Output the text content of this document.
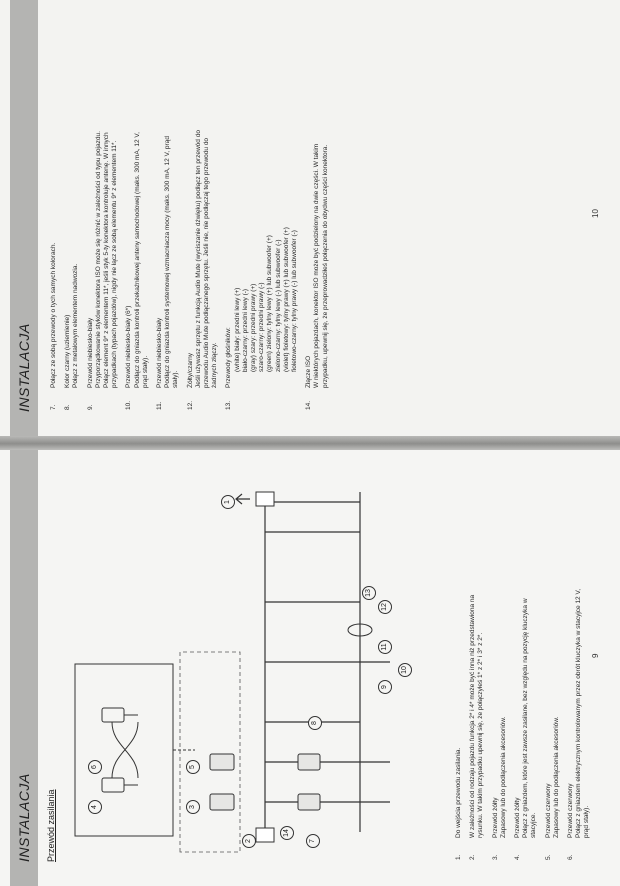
INSTALACJA Przewód zasilania
1
2
3
4
5
6
7
8
9
10
11
12
13
14
1.
Do wejścia przewodu zasilania.
2.
W zależności od rodzaju pojazdu funkcja 2* i 4* może być inna niż przedstawiona na rysunku. W takim przypadku upewnij się, że połączyłeś 1* z 2* i 3* z 2*.
3.
Przewód żółty Zapasowy lub do podłączenia akcesoriów.
4.
Przewód żółty Połącz z gniazdem, które jest zawsze zasilane, bez względu na pozycję kluczyka w stacyjce.
5.
Przewód czerwony Zapasowy lub do podłączenia akcesoriów.
6.
Przewód czerwony Połącz z gniazdem elektrycznym kontrolowanym przez obrót kluczyka w stacyjce 12 V, prąd stały).
9
INSTALACJA	7.
Połącz ze sobą przewody o tych samych kolorach.
8.
Kolor czarny (uziemienie) Połącz z metalowym elementem nadwozia.
9.
Przewód niebiesko-biały Przyporządkowanie styków konektora ISO może się różnić w zależności od typu pojazdu. Połącz element 9* z elementem 11*, jeśli styk 5-ty konektora kontroluje antenę. W innych przypadkach (typach pojazdów), nigdy nie łącz ze sobą elementu 9* z elementem 11*.
10.
Przewód niebiesko-biały (6*) Podłącz do gniazda kontroli przekaźnikowej anteny samochodowej (maks. 300 mA, 12 V, prąd stały).
11.
Przewód niebiesko-biały Podłącz do gniazda kontroli systemowej wzmacniacza mocy (maks. 300 mA, 12 V, prąd stały).
12.
Żółty/czarny Jeśli używasz sprzętu z funkcją Audio Mute (wyciszanie dźwięku) podłącz ten przewód do przewodu Audio Mute podłączanego sprzętu. Jeśli nie, nie podłączaj tego przewodu do żadnych złączy.
13.
Przewody głośników: (white) biały: przedni lewy (+) biało-czarny: przedni lewy (-) (gray) szary: przedni prawy (+) szaro-czarny: przedni prawy (-) (green) zielony: tylny lewy (+) lub subwoofer (+) zielono-czarny: tylny lewy (-) lub subwoofer (-) (violet) fioletowy: tylny prawy (+) lub subwoofer (+) fioletowo-czarny: tylny prawy (-) lub subwoofer (-)
14.
Złącze ISO W niektórych pojazdach, konektor ISO może być podzielony na dwie części. W takim przypadku, upewnij się, że przeprowadziłeś połączenia do obydwu części konektora.	10
